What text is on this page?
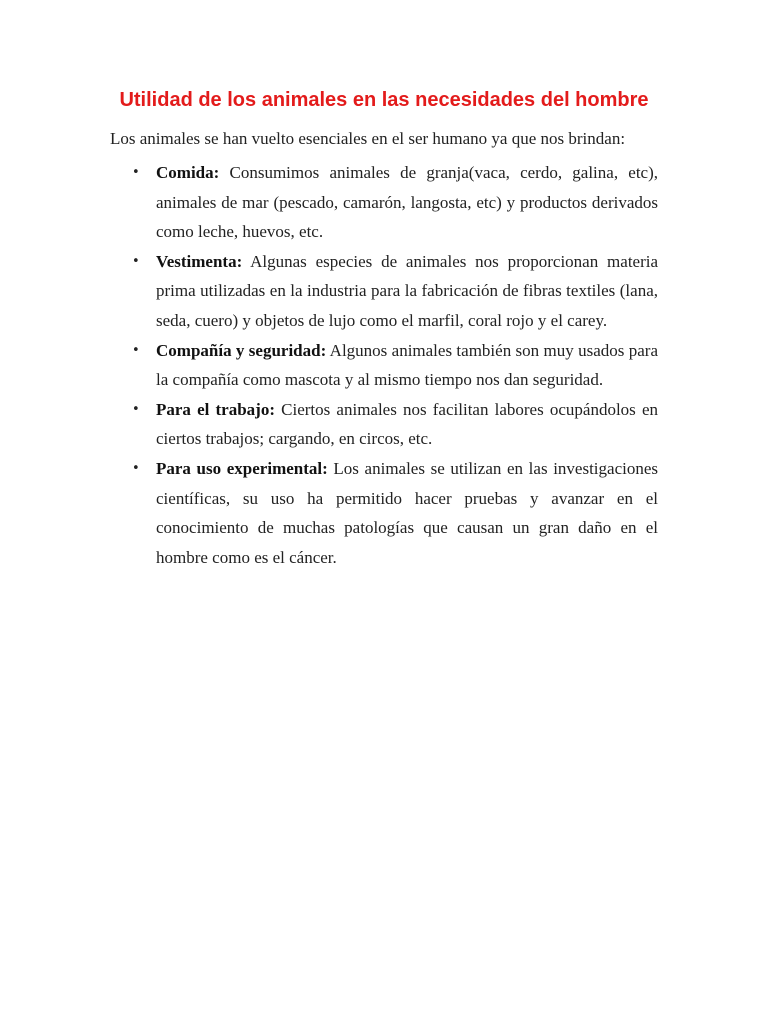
Utilidad de los animales en las necesidades del hombre

Los animales se han vuelto esenciales en el ser humano ya que nos brindan:

• Comida: Consumimos animales de granja(vaca, cerdo, galina, etc), animales de mar (pescado, camarón, langosta, etc) y productos derivados como leche, huevos, etc.
• Vestimenta: Algunas especies de animales nos proporcionan materia prima utilizadas en la industria para la fabricación de fibras textiles (lana, seda, cuero) y objetos de lujo como el marfil, coral rojo y el carey.
• Compañía y seguridad: Algunos animales también son muy usados para la compañía como mascota y al mismo tiempo nos dan seguridad.
• Para el trabajo: Ciertos animales nos facilitan labores ocupándolos en ciertos trabajos; cargando, en circos, etc.
• Para uso experimental: Los animales se utilizan en las investigaciones científicas, su uso ha permitido hacer pruebas y avanzar en el conocimiento de muchas patologías que causan un gran daño en el hombre como es el cáncer.
